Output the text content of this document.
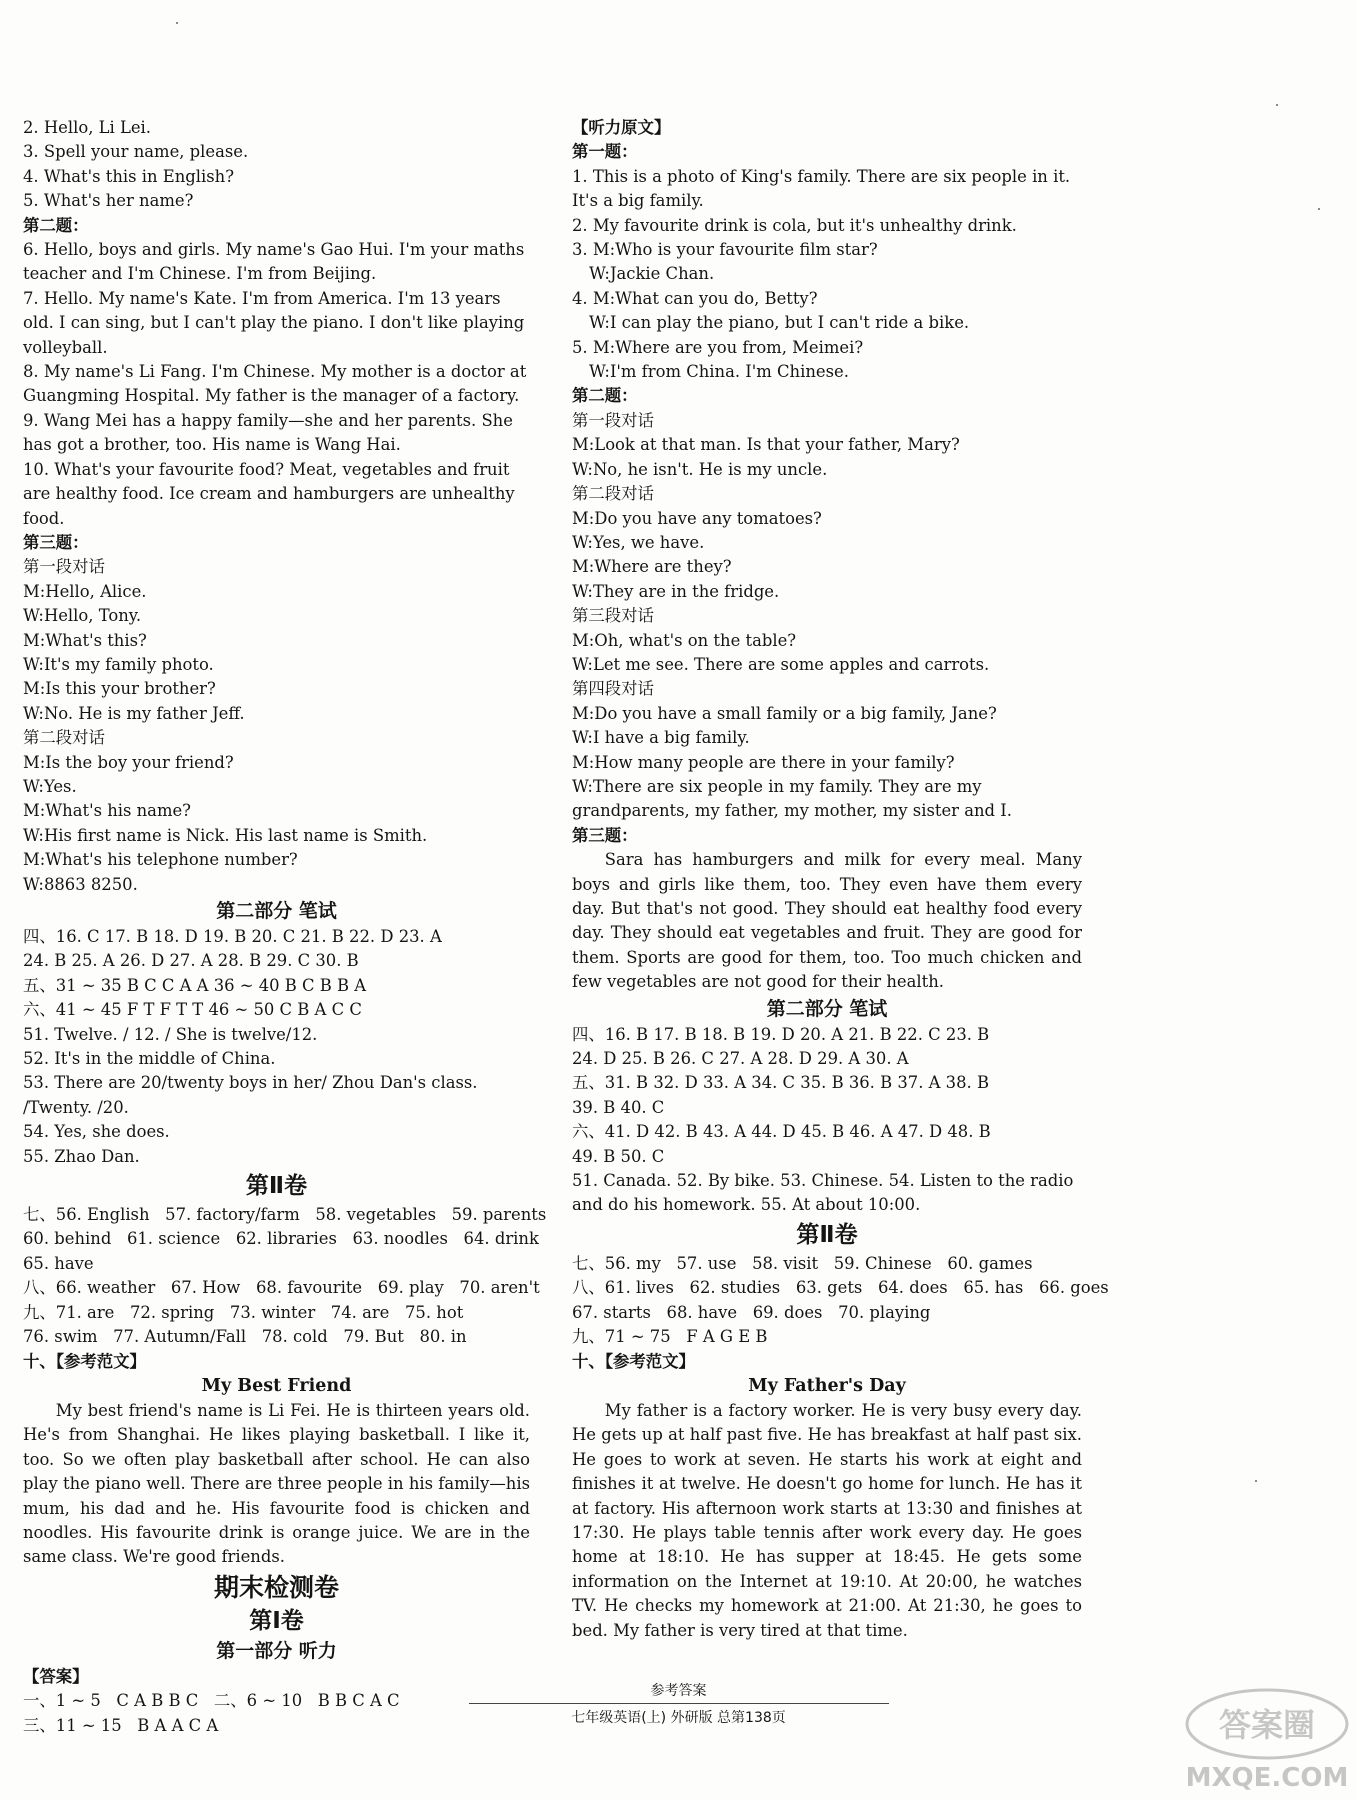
2. Hello, Li Lei.
3. Spell your name, please.
4. What's this in English?
5. What's her name?
第二题：
6. Hello, boys and girls. My name's Gao Hui. I'm your maths teacher and I'm Chinese. I'm from Beijing.
7. Hello. My name's Kate. I'm from America. I'm 13 years old. I can sing, but I can't play the piano. I don't like playing volleyball.
8. My name's Li Fang. I'm Chinese. My mother is a doctor at Guangming Hospital. My father is the manager of a factory.
9. Wang Mei has a happy family—she and her parents. She has got a brother, too. His name is Wang Hai.
10. What's your favourite food? Meat, vegetables and fruit are healthy food. Ice cream and hamburgers are unhealthy food.
第三题：
第一段对话
M:Hello, Alice.
W:Hello, Tony.
M:What's this?
W:It's my family photo.
M:Is this your brother?
W:No. He is my father Jeff.
第二段对话
M:Is the boy your friend?
W:Yes.
M:What's his name?
W:His first name is Nick. His last name is Smith.
M:What's his telephone number?
W:8863 8250.
第二部分 笔试
四、16. C 17. B 18. D 19. B 20. C 21. B 22. D 23. A
24. B 25. A 26. D 27. A 28. B 29. C 30. B
五、31 ~ 35 B C C A A 36 ~ 40 B C B B A
六、41 ~ 45 F T F T T 46 ~ 50 C B A C C
51. Twelve. / 12. / She is twelve/12.
52. It's in the middle of China.
53. There are 20/twenty boys in her/ Zhou Dan's class. /Twenty. /20.
54. Yes, she does.
55. Zhao Dan.
第Ⅱ卷
七、56. English   57. factory/farm   58. vegetables   59. parents
60. behind   61. science   62. libraries   63. noodles   64. drink
65. have
八、66. weather   67. How   68. favourite   69. play   70. aren't
九、71. are   72. spring   73. winter   74. are   75. hot
76. swim   77. Autumn/Fall   78. cold   79. But   80. in
十、【参考范文】
My Best Friend
My best friend's name is Li Fei. He is thirteen years old. He's from Shanghai. He likes playing basketball. I like it, too. So we often play basketball after school. He can also play the piano well. There are three people in his family—his mum, his dad and he. His favourite food is chicken and noodles. His favourite drink is orange juice. We are in the same class. We're good friends.
期末检测卷
第Ⅰ卷
第一部分 听力
【答案】
一、1 ~ 5   C A B B C   二、6 ~ 10   B B C A C
三、11 ~ 15   B A A C A
【听力原文】
第一题：
1. This is a photo of King's family. There are six people in it. It's a big family.
2. My favourite drink is cola, but it's unhealthy drink.
3. M:Who is your favourite film star?
W:Jackie Chan.
4. M:What can you do, Betty?
W:I can play the piano, but I can't ride a bike.
5. M:Where are you from, Meimei?
W:I'm from China. I'm Chinese.
第二题：
第一段对话
M:Look at that man. Is that your father, Mary?
W:No, he isn't. He is my uncle.
第二段对话
M:Do you have any tomatoes?
W:Yes, we have.
M:Where are they?
W:They are in the fridge.
第三段对话
M:Oh, what's on the table?
W:Let me see. There are some apples and carrots.
第四段对话
M:Do you have a small family or a big family, Jane?
W:I have a big family.
M:How many people are there in your family?
W:There are six people in my family. They are my grandparents, my father, my mother, my sister and I.
第三题：
Sara has hamburgers and milk for every meal. Many boys and girls like them, too. They even have them every day. But that's not good. They should eat healthy food every day. They should eat vegetables and fruit. They are good for them. Sports are good for them, too. Too much chicken and few vegetables are not good for their health.
第二部分 笔试
四、16. B 17. B 18. B 19. D 20. A 21. B 22. C 23. B
24. D 25. B 26. C 27. A 28. D 29. A 30. A
五、31. B 32. D 33. A 34. C 35. B 36. B 37. A 38. B
39. B 40. C
六、41. D 42. B 43. A 44. D 45. B 46. A 47. D 48. B
49. B 50. C
51. Canada. 52. By bike. 53. Chinese. 54. Listen to the radio and do his homework. 55. At about 10:00.
第Ⅱ卷
七、56. my   57. use   58. visit   59. Chinese   60. games
八、61. lives   62. studies   63. gets   64. does   65. has   66. goes
67. starts   68. have   69. does   70. playing
九、71 ~ 75   F A G E B
十、【参考范文】
My Father's Day
My father is a factory worker. He is very busy every day. He gets up at half past five. He has breakfast at half past six. He goes to work at seven. He starts his work at eight and finishes it at twelve. He doesn't go home for lunch. He has it at factory. His afternoon work starts at 13:30 and finishes at 17:30. He plays table tennis after work every day. He goes home at 18:10. He has supper at 18:45. He gets some information on the Internet at 19:10. At 20:00, he watches TV. He checks my homework at 21:00. At 21:30, he goes to bed. My father is very tired at that time.
参考答案
七年级英语(上) 外研版 总第138页	答案圈
MXQE.COM
